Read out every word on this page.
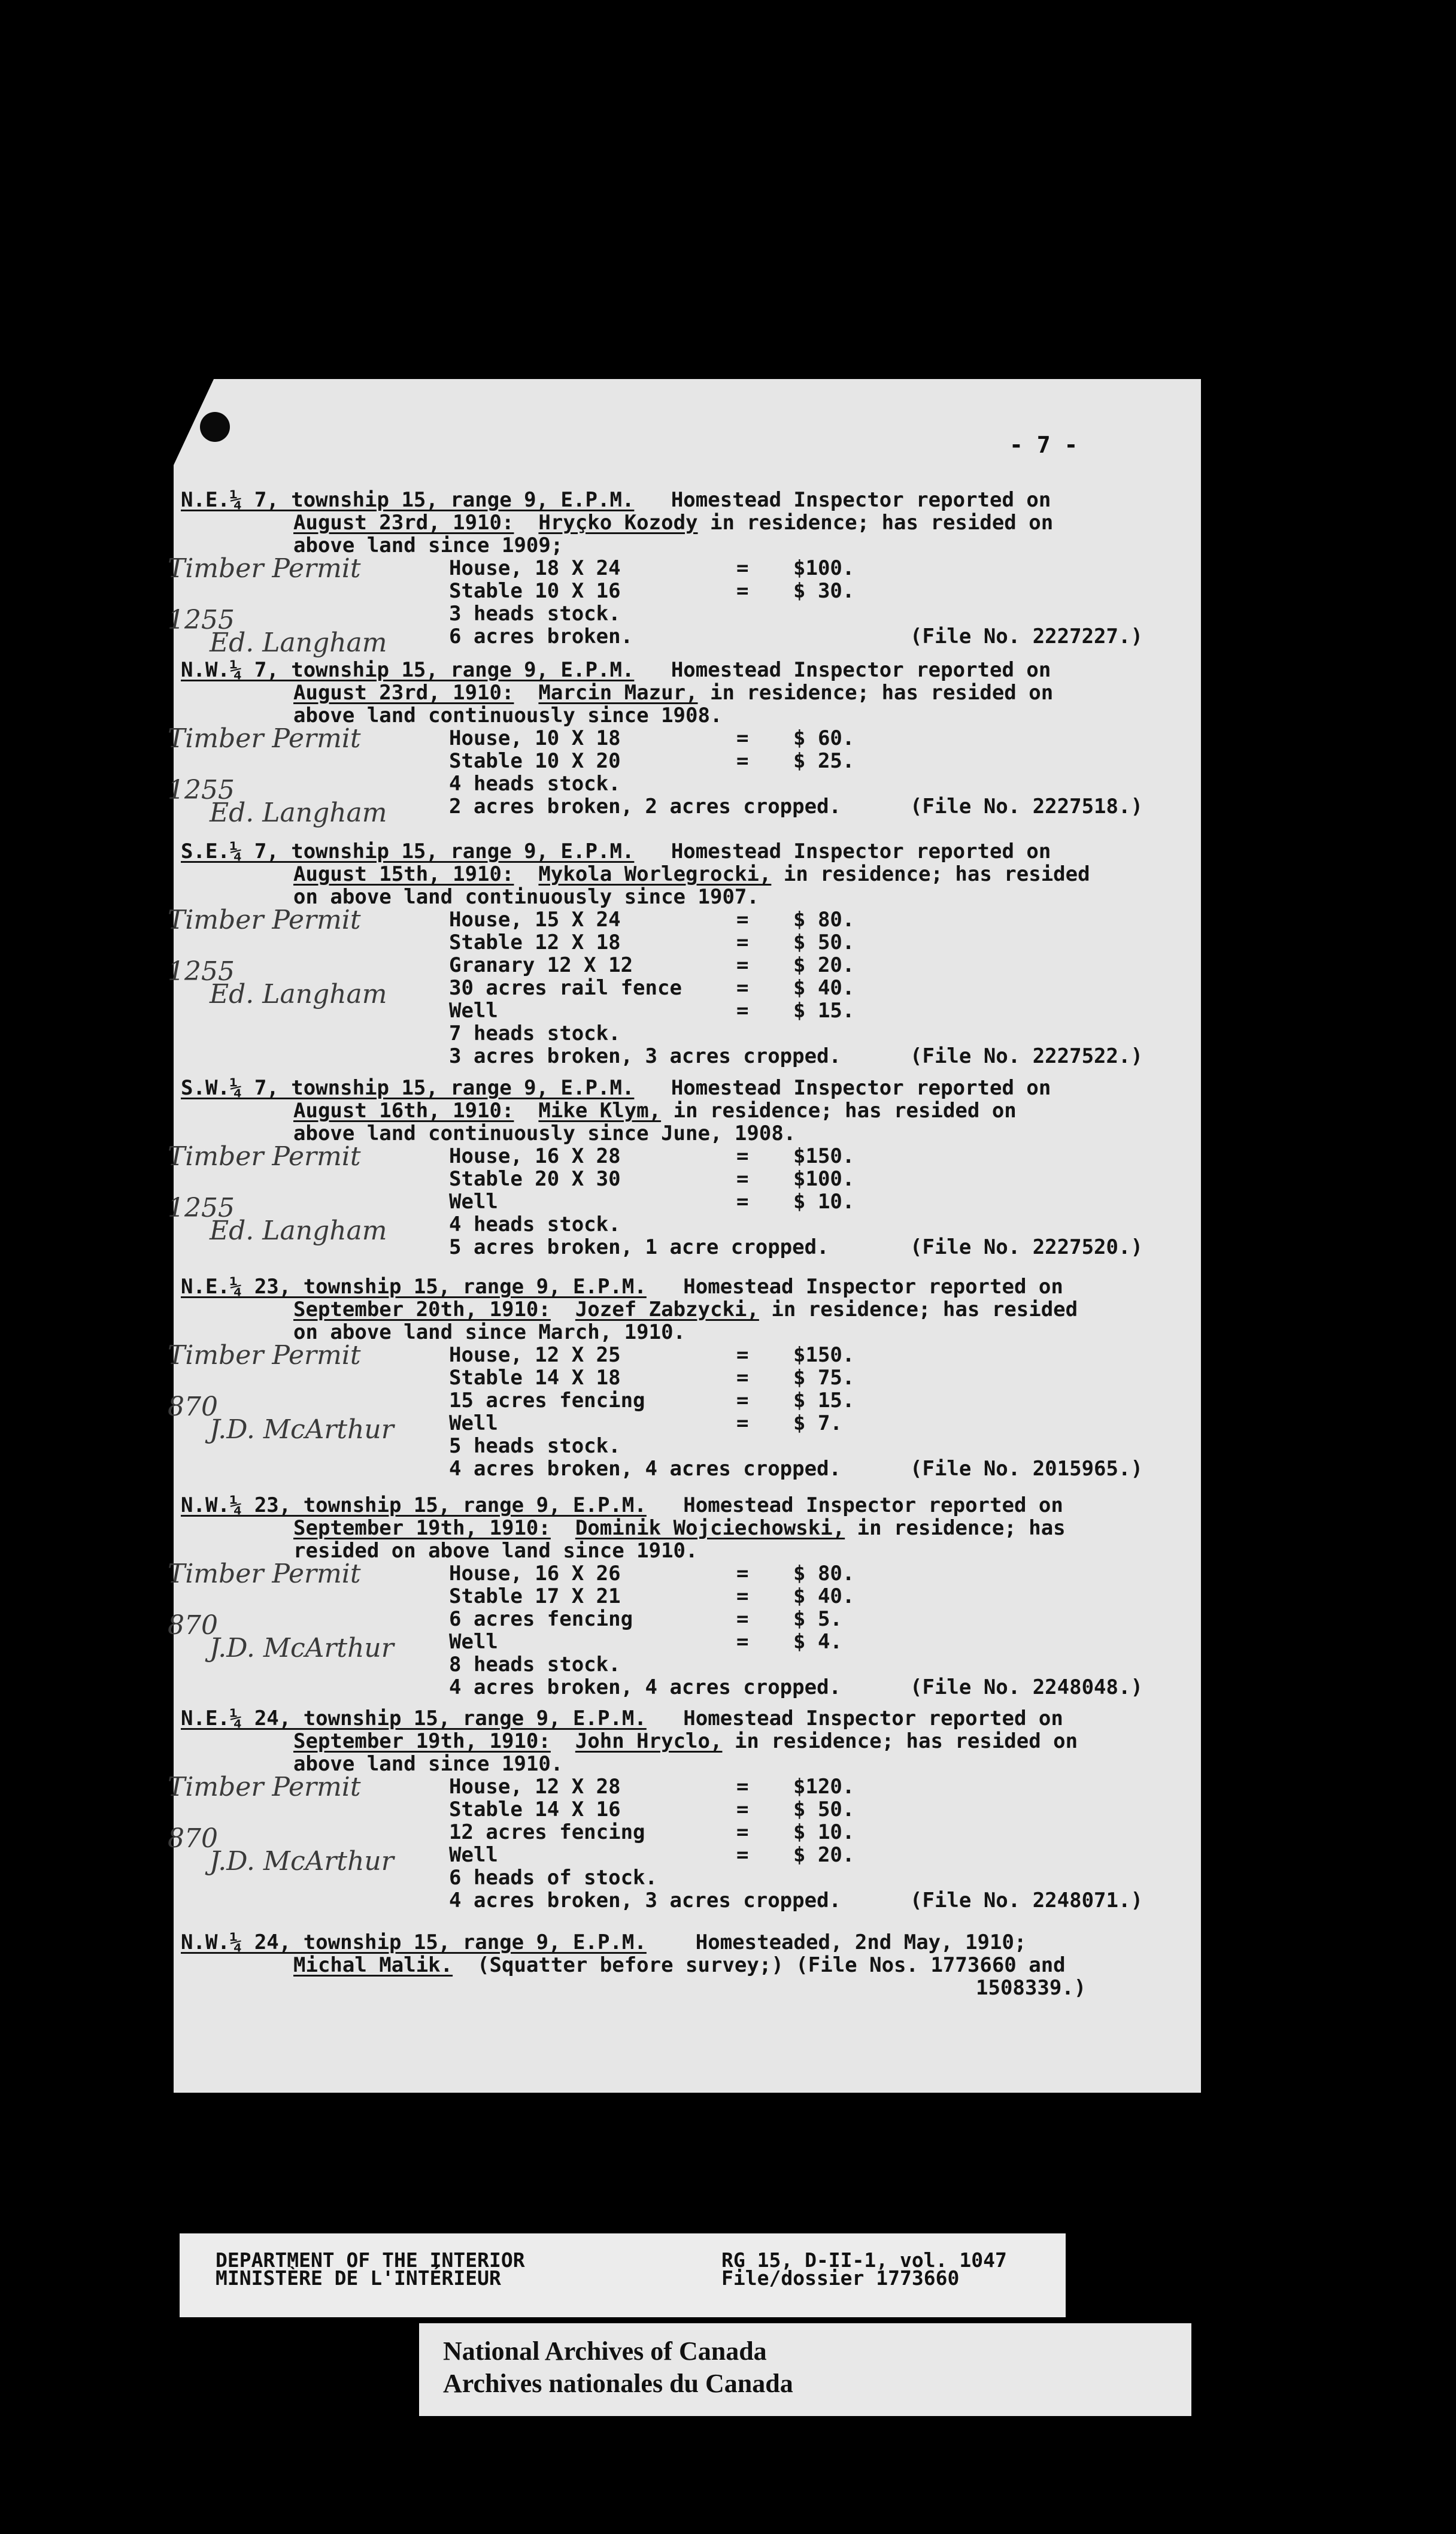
- 7 -
N.E.¼ 7, township 15, range 9, E.P.M. Homestead Inspector reported on
August 23rd, 1910: Hryçko Kozody in residence; has resided on
above land since 1909;
House, 18 X 24	= $100.
Stable 10 X 16	= $ 30.
3 heads stock.
6 acres broken.	(File No. 2227227.)
Timber Permit
1255
Ed. Langham
N.W.¼ 7, township 15, range 9, E.P.M. Homestead Inspector reported on
August 23rd, 1910: Marcin Mazur, in residence; has resided on
above land continuously since 1908.
House, 10 X 18	= $ 60.
Stable 10 X 20	= $ 25.
4 heads stock.
2 acres broken, 2 acres cropped.	(File No. 2227518.)
Timber Permit
1255
Ed. Langham
S.E.¼ 7, township 15, range 9, E.P.M. Homestead Inspector reported on
August 15th, 1910: Mykola Worlegrocki, in residence; has resided
on above land continuously since 1907.
House, 15 X 24	= $ 80.
Stable 12 X 18	= $ 50.
Granary 12 X 12	= $ 20.
30 acres rail fence	= $ 40.
Well	= $ 15.
7 heads stock.
3 acres broken, 3 acres cropped.	(File No. 2227522.)
Timber Permit
1255
Ed. Langham
S.W.¼ 7, township 15, range 9, E.P.M. Homestead Inspector reported on
August 16th, 1910: Mike Klym, in residence; has resided on
above land continuously since June, 1908.
House, 16 X 28	= $150.
Stable 20 X 30	= $100.
Well	= $ 10.
4 heads stock.
5 acres broken, 1 acre cropped.	(File No. 2227520.)
Timber Permit
1255
Ed. Langham
N.E.¼ 23, township 15, range 9, E.P.M. Homestead Inspector reported on
September 20th, 1910: Jozef Zabzycki, in residence; has resided
on above land since March, 1910.
House, 12 X 25	= $150.
Stable 14 X 18	= $ 75.
15 acres fencing	= $ 15.
Well	= $ 7.
5 heads stock.
4 acres broken, 4 acres cropped.	(File No. 2015965.)
Timber Permit
870
J.D. McArthur
N.W.¼ 23, township 15, range 9, E.P.M. Homestead Inspector reported on
September 19th, 1910: Dominik Wojciechowski, in residence; has
resided on above land since 1910.
House, 16 X 26	= $ 80.
Stable 17 X 21	= $ 40.
6 acres fencing	= $ 5.
Well	= $ 4.
8 heads stock.
4 acres broken, 4 acres cropped.	(File No. 2248048.)
Timber Permit
870
J.D. McArthur
N.E.¼ 24, township 15, range 9, E.P.M. Homestead Inspector reported on
September 19th, 1910: John Hryclo, in residence; has resided on
above land since 1910.
House, 12 X 28	= $120.
Stable 14 X 16	= $ 50.
12 acres fencing	= $ 10.
Well	= $ 20.
6 heads of stock.
4 acres broken, 3 acres cropped.	(File No. 2248071.)
Timber Permit
870
J.D. McArthur
N.W.¼ 24, township 15, range 9, E.P.M. Homesteaded, 2nd May, 1910;
Michal Malik. (Squatter before survey;) (File Nos. 1773660 and
1508339.)
DEPARTMENT OF THE INTERIOR
MINISTÈRE DE L'INTÉRIEUR
RG 15, D-II-1, vol. 1047
File/dossier 1773660
National Archives of Canada
Archives nationales du Canada
